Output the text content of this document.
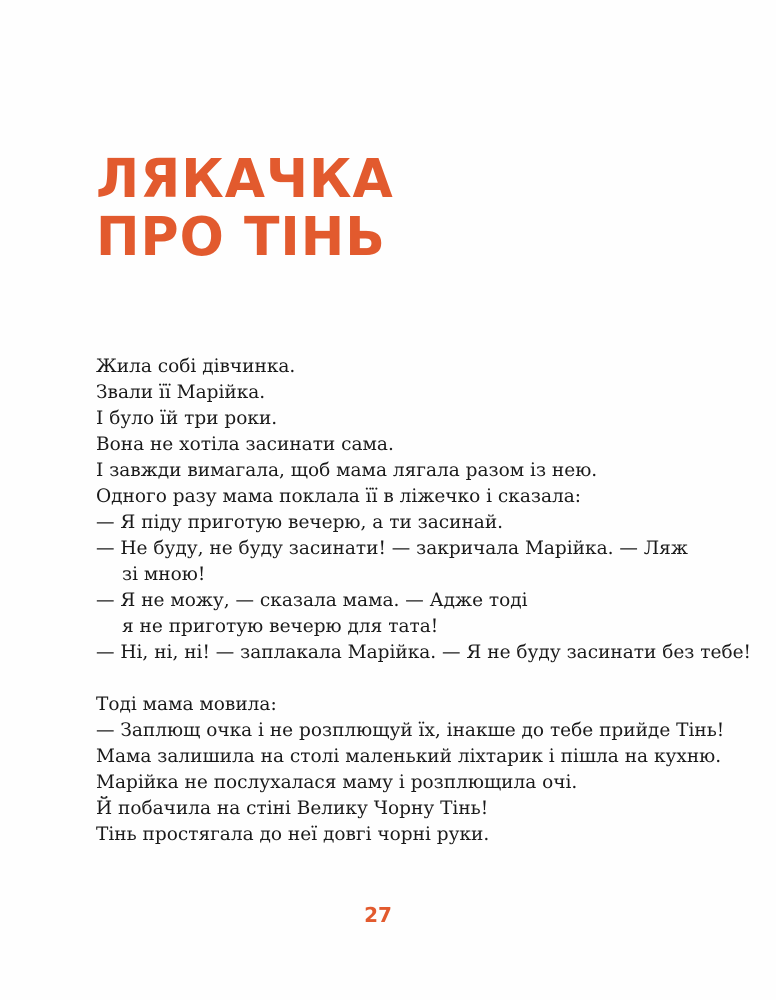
ЛЯКАЧКА
ПРО ТІНЬ

Жила собі дівчинка.

Звали її Марійка.

І було їй три роки.

Вона не хотіла засинати сама.

І завжди вимагала, щоб мама лягала разом із нею.

Одного разу мама поклала її в ліжечко і сказала:

— Я піду приготую вечерю, а ти засинай.

— Не буду, не буду засинати! — закричала Марійка. — Ляж

зі мною!

— Я не можу, — сказала мама. — Адже тоді

я не приготую вечерю для тата!

— Ні, ні, ні! — заплакала Марійка. — Я не буду засинати без тебе!

Тоді мама мовила:

— Заплющ очка і не розплющуй їх, інакше до тебе прийде Тінь!

Мама залишила на столі маленький ліхтарик і пішла на кухню.

Марійка не послухалася маму і розплющила очі.

Й побачила на стіні Велику Чорну Тінь!

Тінь простягала до неї довгі чорні руки.

27
